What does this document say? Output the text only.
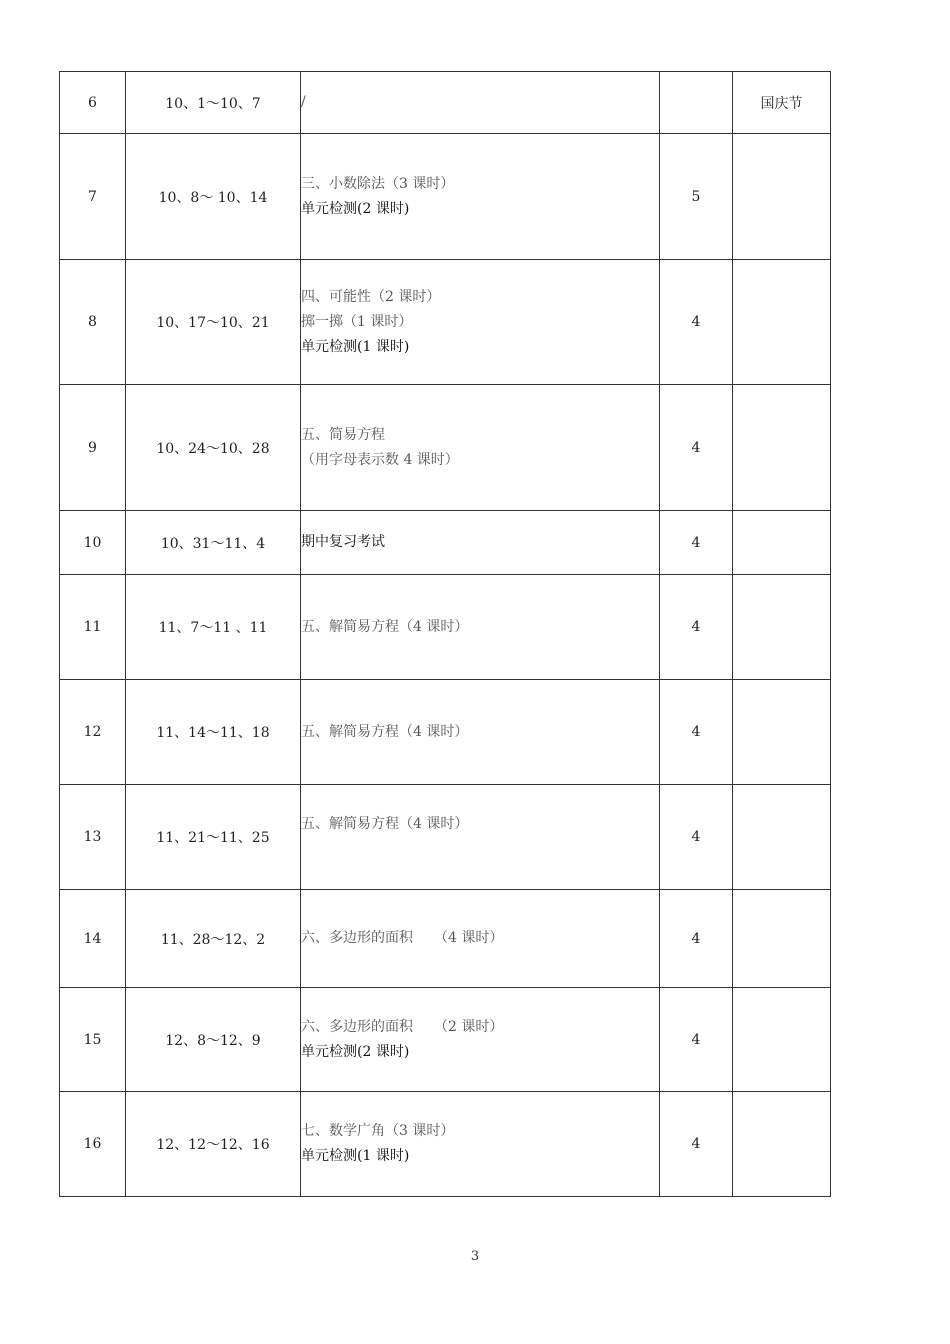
6	10、1～10、7	/		国庆节
7	10、8～ 10、14	三、小数除法（3 课时）
单元检测(2 课时)	5	
8	10、17～10、21	四、可能性（2 课时）
掷一掷（1 课时）
单元检测(1 课时)	4	
9	10、24～10、28	五、简易方程
（用字母表示数 4 课时）	4	
10	10、31～11、4	期中复习考试	4	
11	11、7～11 、11	五、解简易方程（4 课时）	4	
12	11、14～11、18	五、解简易方程（4 课时）	4	
13	11、21～11、25	五、解简易方程（4 课时）	4	
14	11、28～12、2	六、多边形的面积　　（4 课时）	4	
15	12、8～12、9	六、多边形的面积　　（2 课时）
单元检测(2 课时)	4	
16	12、12～12、16	七、数学广角（3 课时）
单元检测(1 课时)	4	
3
